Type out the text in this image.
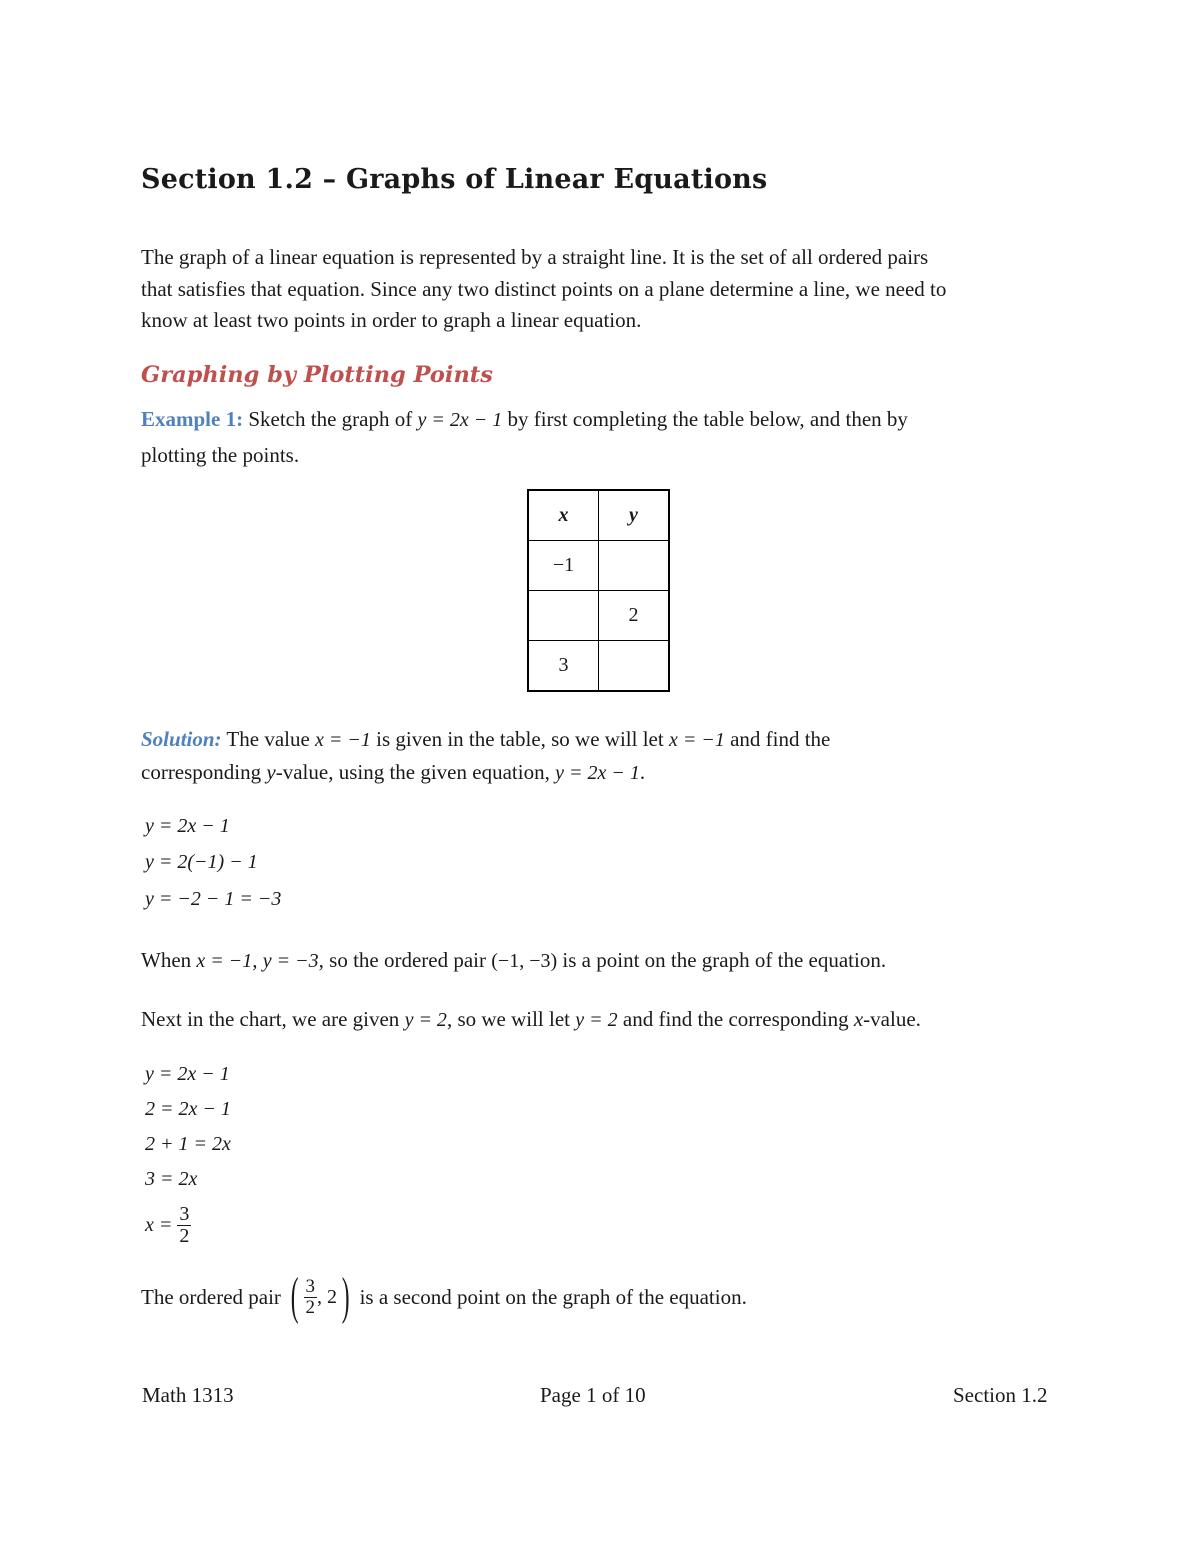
Section 1.2 – Graphs of Linear Equations
The graph of a linear equation is represented by a straight line. It is the set of all ordered pairs
that satisfies that equation. Since any two distinct points on a plane determine a line, we need to
know at least two points in order to graph a linear equation.
Graphing by Plotting Points
Example 1: Sketch the graph of y = 2x − 1 by first completing the table below, and then by
plotting the points.
x	y
−1	
	2
3	
Solution: The value x = −1 is given in the table, so we will let x = −1 and find the
corresponding y-value, using the given equation, y = 2x − 1.
y = 2x − 1
y = 2(−1) − 1
y = −2 − 1 = −3
When x = −1, y = −3, so the ordered pair (−1, −3) is a point on the graph of the equation.
Next in the chart, we are given y = 2, so we will let y = 2 and find the corresponding x-value.
y = 2x − 1
2 = 2x − 1
2 + 1 = 2x
3 = 2x
$x = \frac{3}{2}$
The ordered pair ( $\frac{3}{2}$ , 2) is a second point on the graph of the equation.
Math 1313	Page 1 of 10	Section 1.2
